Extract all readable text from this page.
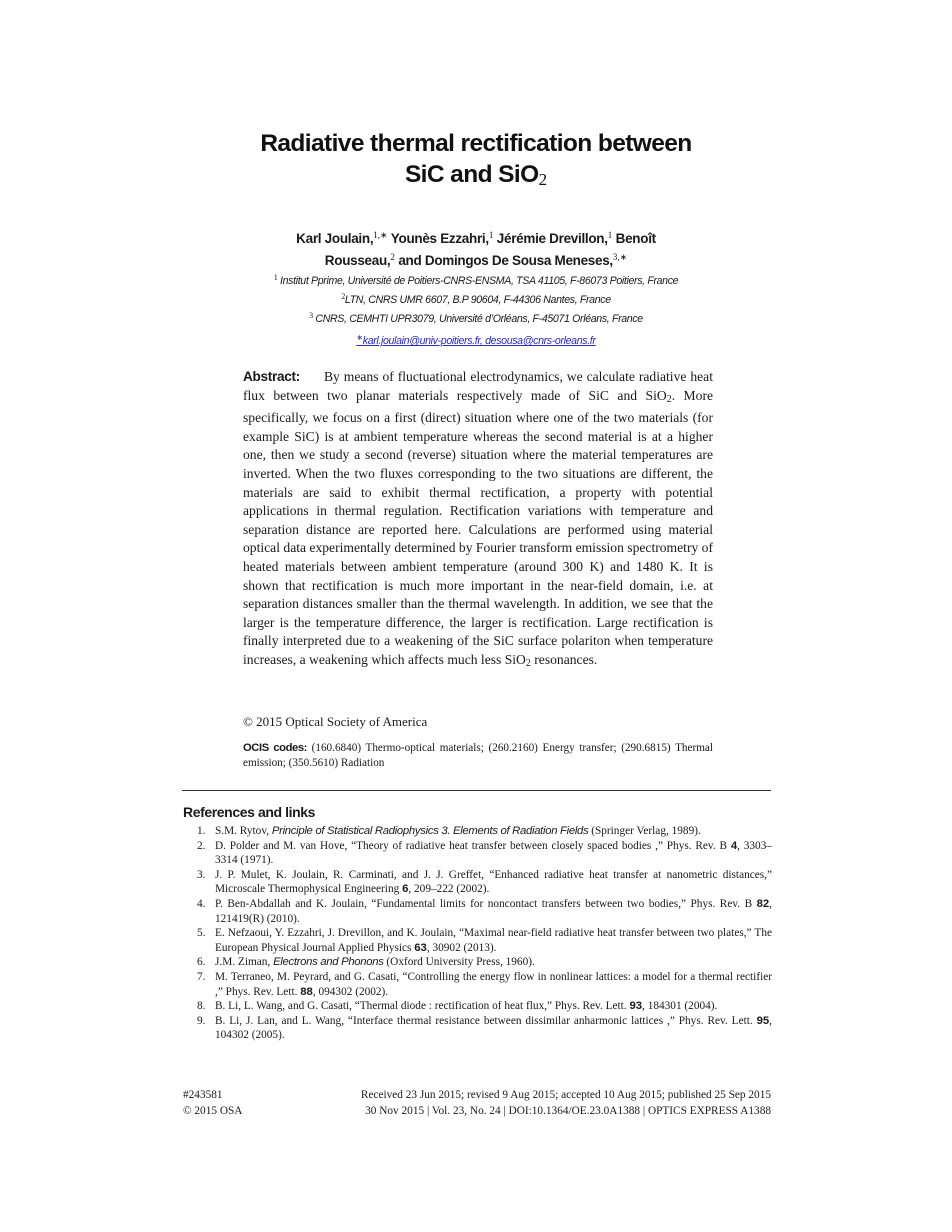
Radiative thermal rectification between
SiC and SiO$_2$
Karl Joulain,$^{1,∗}$ Younès Ezzahri,$^1$ Jérémie Drevillon,$^1$ Benoît
Rousseau,$^2$ and Domingos De Sousa Meneses,$^{3,∗}$
$^1$ Institut Pprime, Université de Poitiers-CNRS-ENSMA, TSA 41105, F-86073 Poitiers, France
$^2$LTN, CNRS UMR 6607, B.P 90604, F-44306 Nantes, France
$^3$ CNRS, CEMHTI UPR3079, Université d’Orléans, F-45071 Orléans, France
∗karl.joulain@univ-poitiers.fr, desousa@cnrs-orleans.fr
Abstract: By means of fluctuational electrodynamics, we calculate radiative heat flux between two planar materials respectively made of SiC and SiO$_2$. More specifically, we focus on a first (direct) situation where one of the two materials (for example SiC) is at ambient temperature whereas the second material is at a higher one, then we study a second (reverse) situation where the material temperatures are inverted. When the two fluxes corresponding to the two situations are different, the materials are said to exhibit thermal rectification, a property with potential applications in thermal regulation. Rectification variations with temperature and separation distance are reported here. Calculations are performed using material optical data experimentally determined by Fourier transform emission spectrometry of heated materials between ambient temperature (around 300 K) and 1480 K. It is shown that rectification is much more important in the near-field domain, i.e. at separation distances smaller than the thermal wavelength. In addition, we see that the larger is the temperature difference, the larger is rectification. Large rectification is finally interpreted due to a weakening of the SiC surface polariton when temperature increases, a weakening which affects much less SiO$_2$ resonances.
© 2015 Optical Society of America
OCIS codes: (160.6840) Thermo-optical materials; (260.2160) Energy transfer; (290.6815) Thermal emission; (350.5610) Radiation
References and links
1. S.M. Rytov, Principle of Statistical Radiophysics 3. Elements of Radiation Fields (Springer Verlag, 1989).
2. D. Polder and M. van Hove, “Theory of radiative heat transfer between closely spaced bodies ,” Phys. Rev. B 4, 3303–3314 (1971).
3. J. P. Mulet, K. Joulain, R. Carminati, and J. J. Greffet, “Enhanced radiative heat transfer at nanometric distances,” Microscale Thermophysical Engineering 6, 209–222 (2002).
4. P. Ben-Abdallah and K. Joulain, “Fundamental limits for noncontact transfers between two bodies,” Phys. Rev. B 82, 121419(R) (2010).
5. E. Nefzaoui, Y. Ezzahri, J. Drevillon, and K. Joulain, “Maximal near-field radiative heat transfer between two plates,” The European Physical Journal Applied Physics 63, 30902 (2013).
6. J.M. Ziman, Electrons and Phonons (Oxford University Press, 1960).
7. M. Terraneo, M. Peyrard, and G. Casati, “Controlling the energy flow in nonlinear lattices: a model for a thermal rectifier ,” Phys. Rev. Lett. 88, 094302 (2002).
8. B. Li, L. Wang, and G. Casati, “Thermal diode : rectification of heat flux,” Phys. Rev. Lett. 93, 184301 (2004).
9. B. Li, J. Lan, and L. Wang, “Interface thermal resistance between dissimilar anharmonic lattices ,” Phys. Rev. Lett. 95, 104302 (2005).
#243581
© 2015 OSA
Received 23 Jun 2015; revised 9 Aug 2015; accepted 10 Aug 2015; published 25 Sep 2015
30 Nov 2015 | Vol. 23, No. 24 | DOI:10.1364/OE.23.0A1388 | OPTICS EXPRESS A1388
